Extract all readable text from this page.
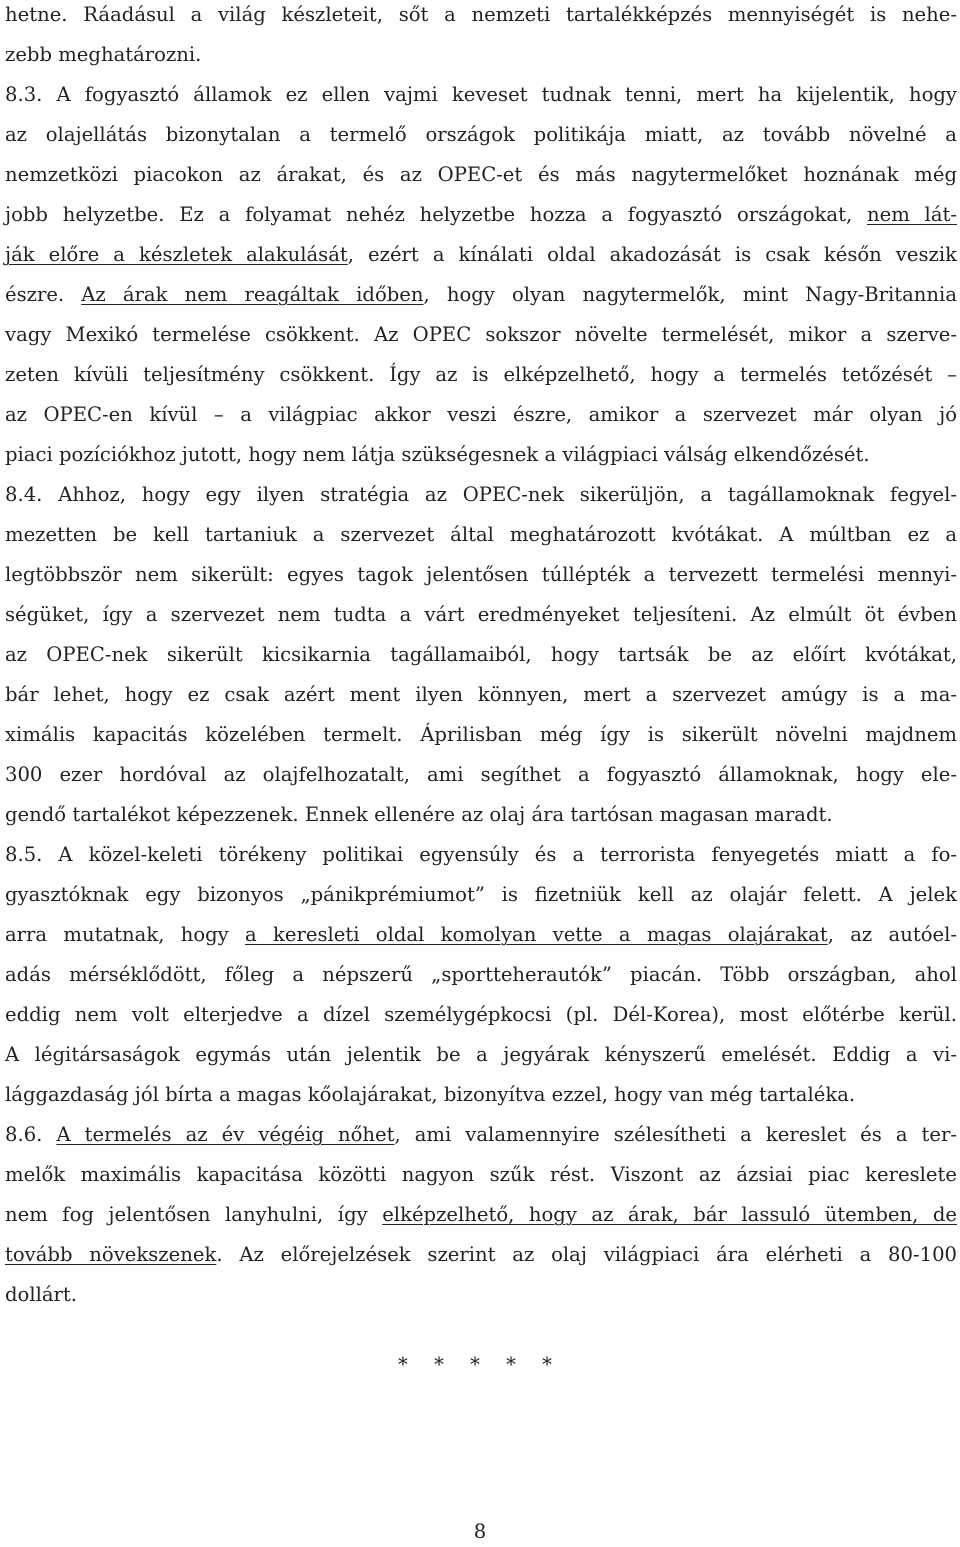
hetne. Ráadásul a világ készleteit, sőt a nemzeti tartalékképzés mennyiségét is nehe-
zebb meghatározni.
8.3. A fogyasztó államok ez ellen vajmi keveset tudnak tenni, mert ha kijelentik, hogy
az olajellátás bizonytalan a termelő országok politikája miatt, az tovább növelné a
nemzetközi piacokon az árakat, és az OPEC-et és más nagytermelőket hoznának még
jobb helyzetbe. Ez a folyamat nehéz helyzetbe hozza a fogyasztó országokat, nem lát-
ják előre a készletek alakulását, ezért a kínálati oldal akadozását is csak későn veszik
észre. Az árak nem reagáltak időben, hogy olyan nagytermelők, mint Nagy-Britannia
vagy Mexikó termelése csökkent. Az OPEC sokszor növelte termelését, mikor a szerve-
zeten kívüli teljesítmény csökkent. Így az is elképzelhető, hogy a termelés tetőzését –
az OPEC-en kívül – a világpiac akkor veszi észre, amikor a szervezet már olyan jó
piaci pozíciókhoz jutott, hogy nem látja szükségesnek a világpiaci válság elkendőzését.
8.4. Ahhoz, hogy egy ilyen stratégia az OPEC-nek sikerüljön, a tagállamoknak fegyel-
mezetten be kell tartaniuk a szervezet által meghatározott kvótákat. A múltban ez a
legtöbbször nem sikerült: egyes tagok jelentősen túllépték a tervezett termelési mennyi-
ségüket, így a szervezet nem tudta a várt eredményeket teljesíteni. Az elmúlt öt évben
az OPEC-nek sikerült kicsikarnia tagállamaiból, hogy tartsák be az előírt kvótákat,
bár lehet, hogy ez csak azért ment ilyen könnyen, mert a szervezet amúgy is a ma-
ximális kapacitás közelében termelt. Áprilisban még így is sikerült növelni majdnem
300 ezer hordóval az olajfelhozatalt, ami segíthet a fogyasztó államoknak, hogy ele-
gendő tartalékot képezzenek. Ennek ellenére az olaj ára tartósan magasan maradt.
8.5. A közel-keleti törékeny politikai egyensúly és a terrorista fenyegetés miatt a fo-
gyasztóknak egy bizonyos „pánikprémiumot” is fizetniük kell az olajár felett. A jelek
arra mutatnak, hogy a keresleti oldal komolyan vette a magas olajárakat, az autóel-
adás mérséklődött, főleg a népszerű „sportteherautók” piacán. Több országban, ahol
eddig nem volt elterjedve a dízel személygépkocsi (pl. Dél-Korea), most előtérbe kerül.
A légitársaságok egymás után jelentik be a jegyárak kényszerű emelését. Eddig a vi-
lággazdaság jól bírta a magas kőolajárakat, bizonyítva ezzel, hogy van még tartaléka.
8.6. A termelés az év végéig nőhet, ami valamennyire szélesítheti a kereslet és a ter-
melők maximális kapacitása közötti nagyon szűk rést. Viszont az ázsiai piac kereslete
nem fog jelentősen lanyhulni, így elképzelhető, hogy az árak, bár lassuló ütemben, de
tovább növekszenek. Az előrejelzések szerint az olaj világpiaci ára elérheti a 80-100
dollárt.
* * * * *
8
